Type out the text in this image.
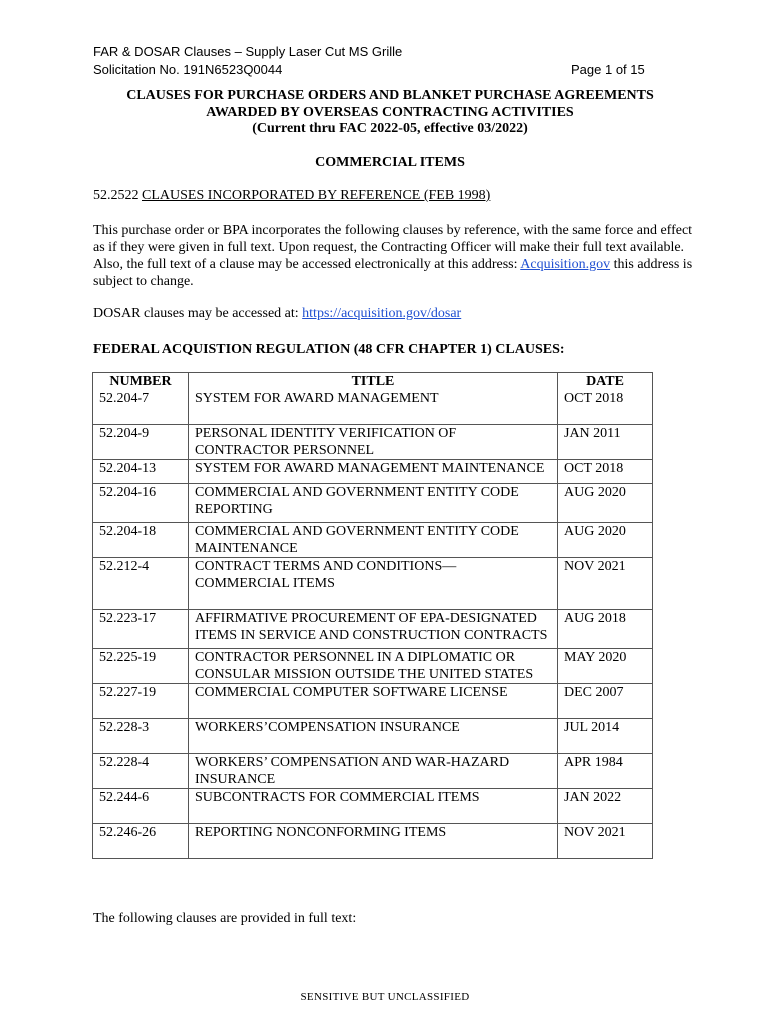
FAR & DOSAR Clauses – Supply Laser Cut MS Grille
Solicitation No. 191N6523Q0044	Page 1 of 15
CLAUSES FOR PURCHASE ORDERS AND BLANKET PURCHASE AGREEMENTS
AWARDED BY OVERSEAS CONTRACTING ACTIVITIES
(Current thru FAC 2022-05, effective 03/2022)
COMMERCIAL ITEMS
52.2522 CLAUSES INCORPORATED BY REFERENCE (FEB 1998)
This purchase order or BPA incorporates the following clauses by reference, with the same force and effect as if they were given in full text. Upon request, the Contracting Officer will make their full text available. Also, the full text of a clause may be accessed electronically at this address: Acquisition.gov this address is subject to change.
DOSAR clauses may be accessed at: https://acquisition.gov/dosar
FEDERAL ACQUISTION REGULATION (48 CFR CHAPTER 1) CLAUSES:
NUMBER	TITLE	DATE
52.204-7	SYSTEM FOR AWARD MANAGEMENT	OCT 2018

52.204-9	PERSONAL IDENTITY VERIFICATION OF CONTRACTOR PERSONNEL	JAN 2011
52.204-13	SYSTEM FOR AWARD MANAGEMENT MAINTENANCE	OCT 2018

52.204-16	COMMERCIAL AND GOVERNMENT ENTITY CODE REPORTING	AUG 2020

52.204-18	COMMERCIAL AND GOVERNMENT ENTITY CODE MAINTENANCE	AUG 2020
52.212-4	CONTRACT TERMS AND CONDITIONS— COMMERCIAL ITEMS	NOV 2021

52.223-17	AFFIRMATIVE PROCUREMENT OF EPA-DESIGNATED ITEMS IN SERVICE AND CONSTRUCTION CONTRACTS	AUG 2018

52.225-19	CONTRACTOR PERSONNEL IN A DIPLOMATIC OR CONSULAR MISSION OUTSIDE THE UNITED STATES	MAY 2020
52.227-19	COMMERCIAL COMPUTER SOFTWARE LICENSE	DEC 2007

52.228-3	WORKERS’COMPENSATION INSURANCE	JUL 2014

52.228-4	WORKERS’ COMPENSATION AND WAR-HAZARD INSURANCE	APR 1984
52.244-6	SUBCONTRACTS FOR COMMERCIAL ITEMS	JAN 2022

52.246-26	REPORTING NONCONFORMING ITEMS	NOV 2021

The following clauses are provided in full text:
SENSITIVE BUT UNCLASSIFIED
